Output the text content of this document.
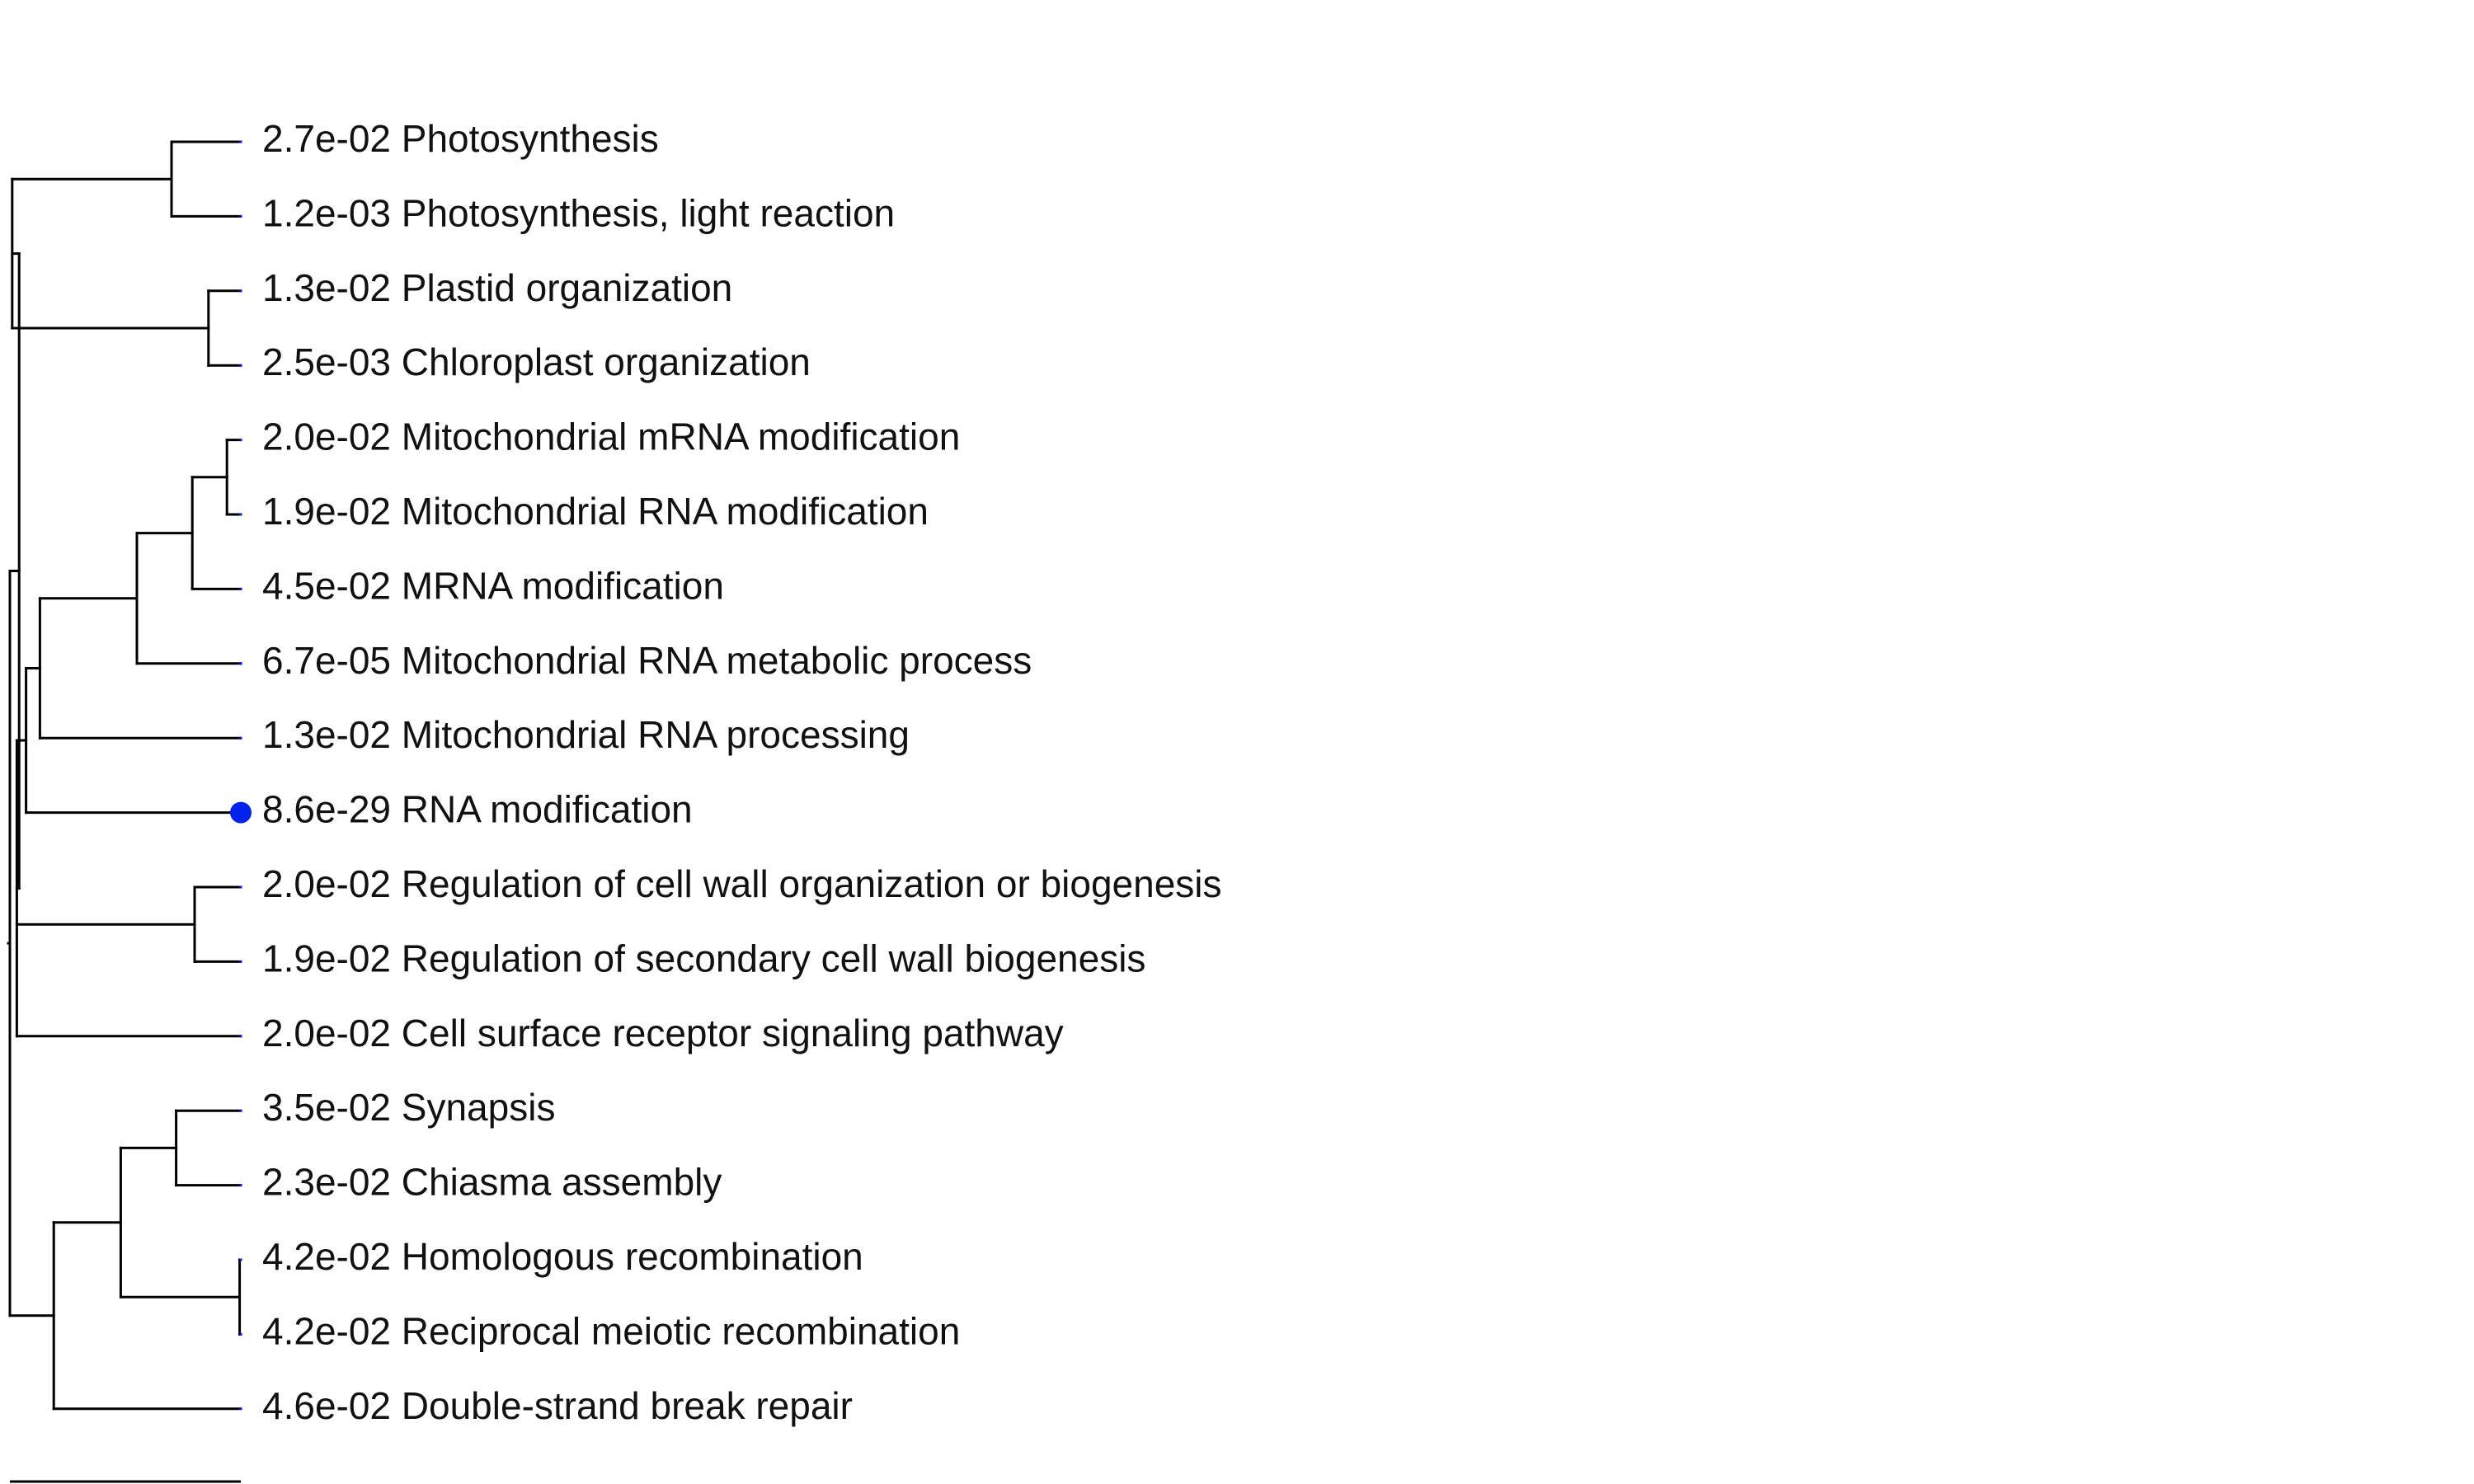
2.7e-02 Photosynthesis
1.2e-03 Photosynthesis, light reaction
1.3e-02 Plastid organization
2.5e-03 Chloroplast organization
2.0e-02 Mitochondrial mRNA modification
1.9e-02 Mitochondrial RNA modification
4.5e-02 MRNA modification
6.7e-05 Mitochondrial RNA metabolic process
1.3e-02 Mitochondrial RNA processing
8.6e-29 RNA modification
2.0e-02 Regulation of cell wall organization or biogenesis
1.9e-02 Regulation of secondary cell wall biogenesis
2.0e-02 Cell surface receptor signaling pathway
3.5e-02 Synapsis
2.3e-02 Chiasma assembly
4.2e-02 Homologous recombination
4.2e-02 Reciprocal meiotic recombination
4.6e-02 Double-strand break repair
